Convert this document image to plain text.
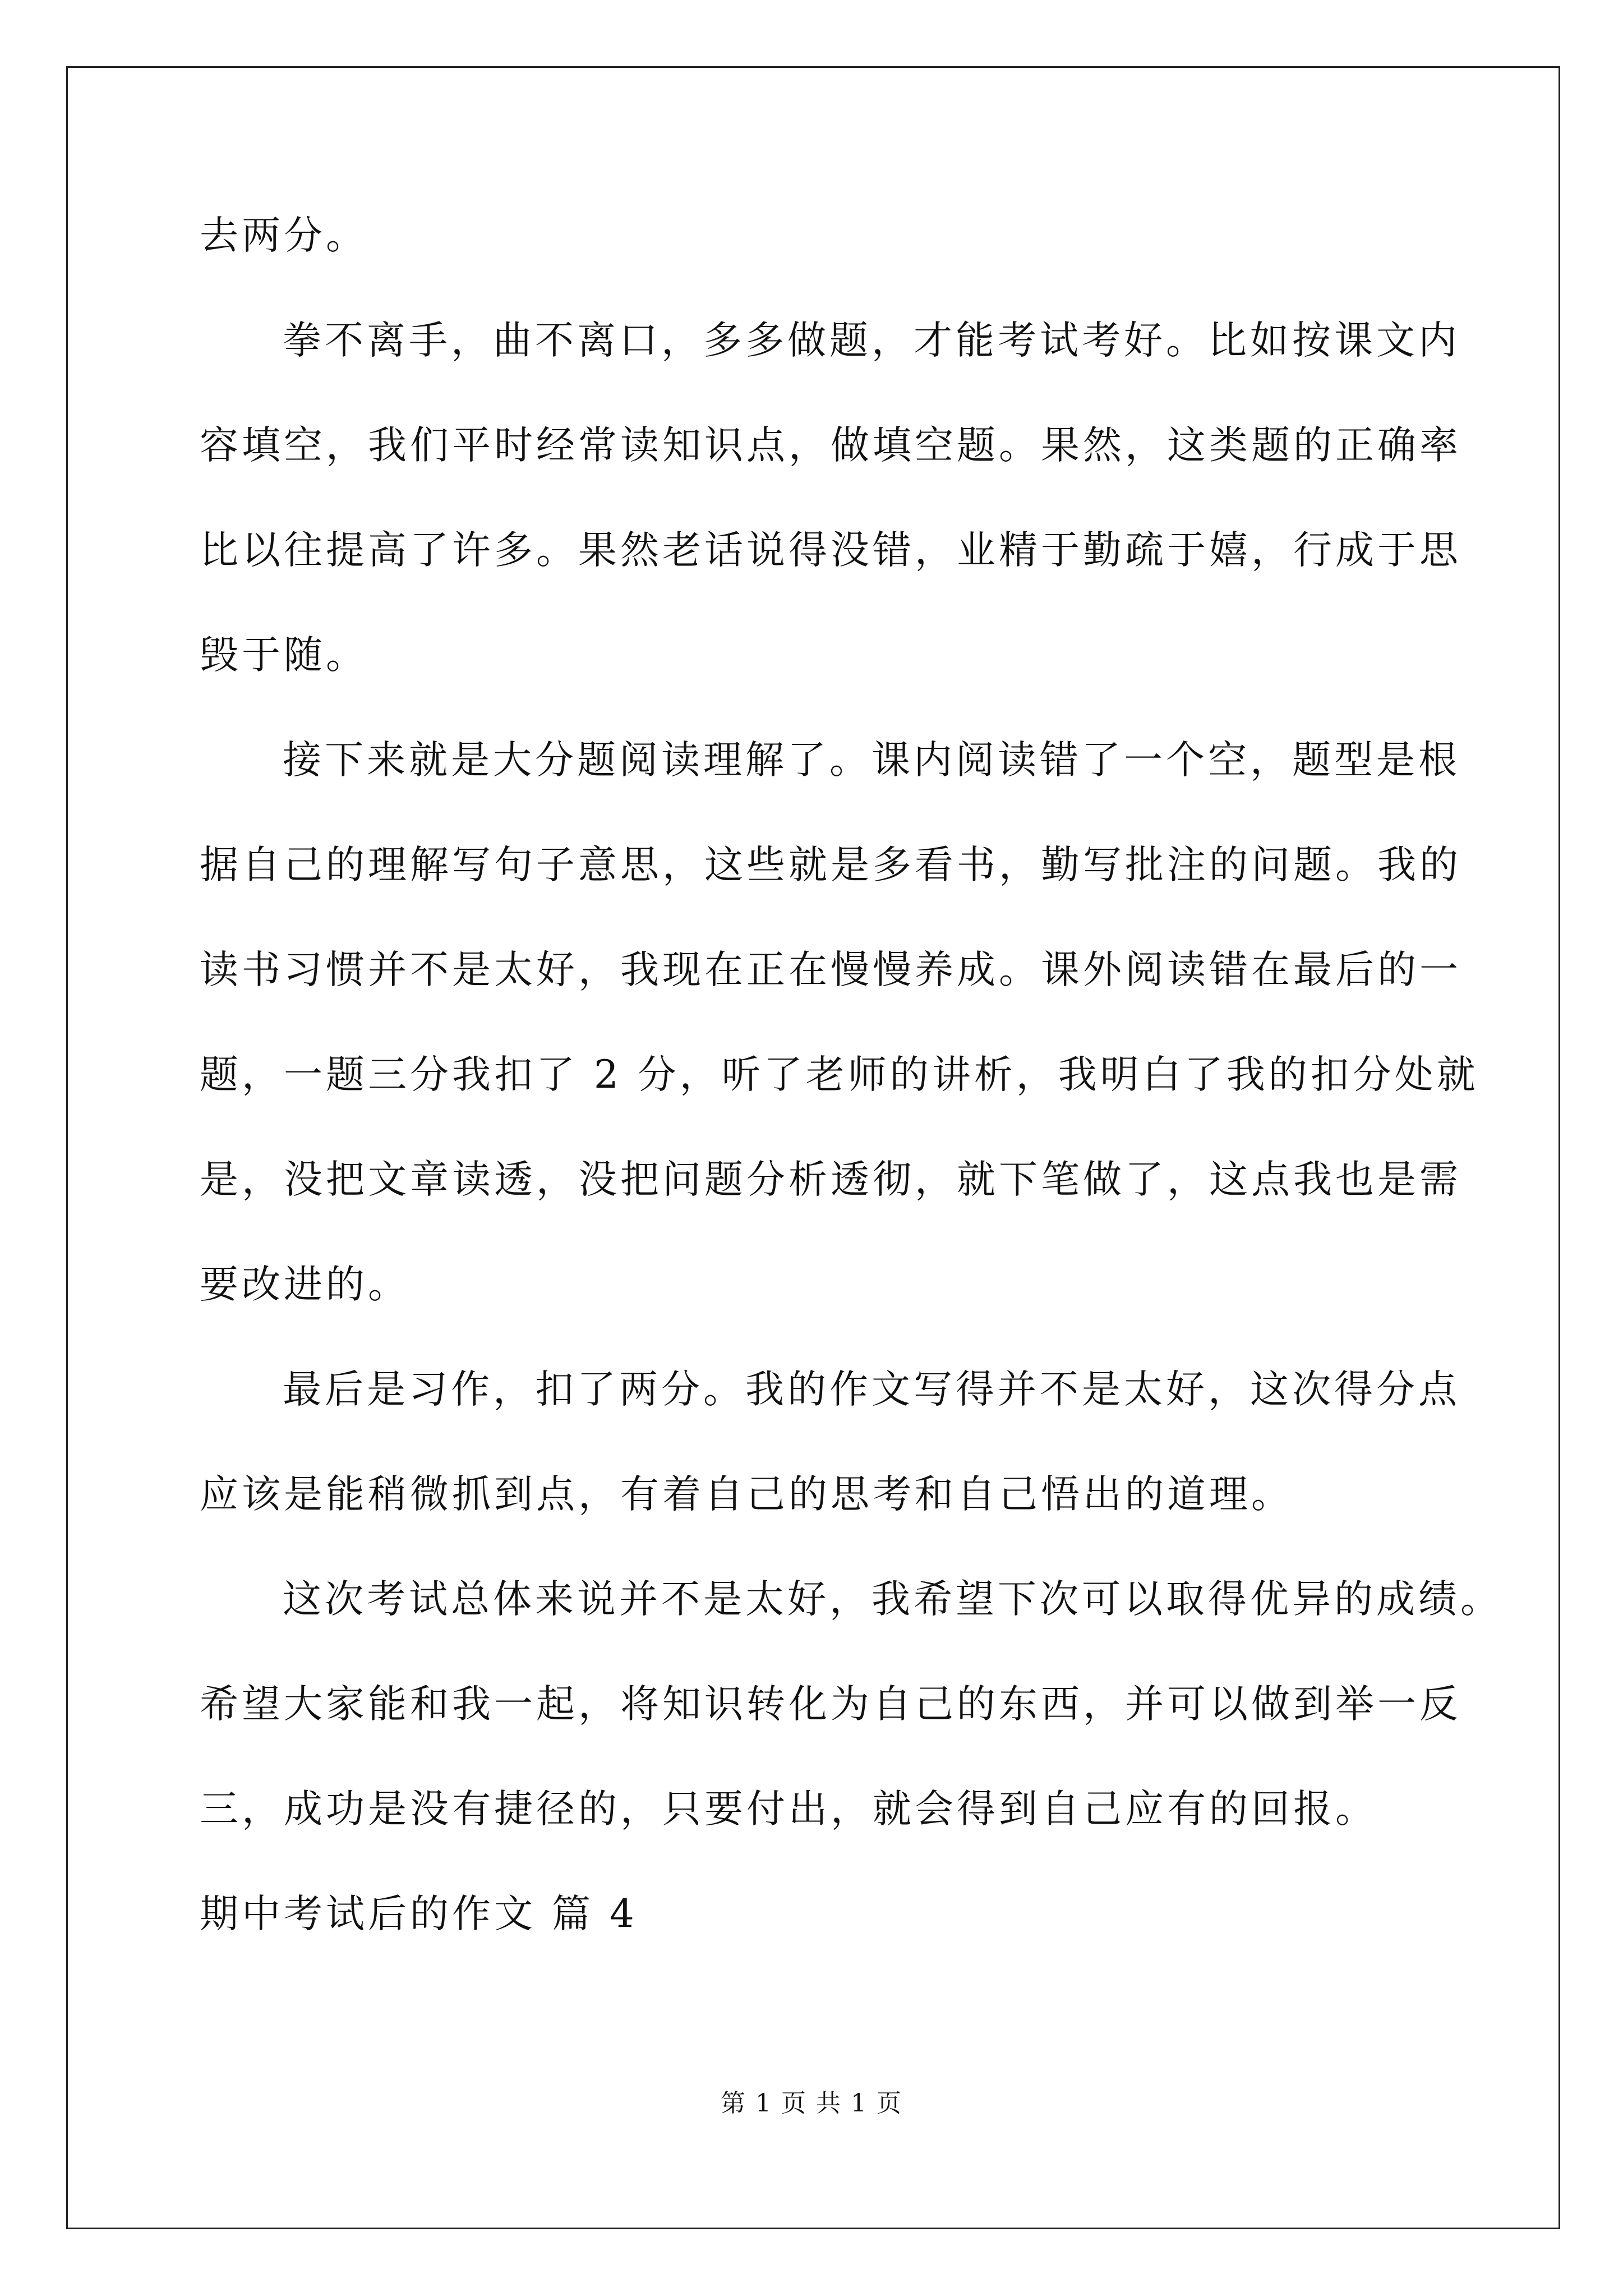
去两分。
拳不离手，曲不离口，多多做题，才能考试考好。比如按课文内
容填空，我们平时经常读知识点，做填空题。果然，这类题的正确率
比以往提高了许多。果然老话说得没错，业精于勤疏于嬉，行成于思
毁于随。
接下来就是大分题阅读理解了。课内阅读错了一个空，题型是根
据自己的理解写句子意思，这些就是多看书，勤写批注的问题。我的
读书习惯并不是太好，我现在正在慢慢养成。课外阅读错在最后的一
题，一题三分我扣了 2 分，听了老师的讲析，我明白了我的扣分处就
是，没把文章读透，没把问题分析透彻，就下笔做了，这点我也是需
要改进的。
最后是习作，扣了两分。我的作文写得并不是太好，这次得分点
应该是能稍微抓到点，有着自己的思考和自己悟出的道理。
这次考试总体来说并不是太好，我希望下次可以取得优异的成绩。
希望大家能和我一起，将知识转化为自己的东西，并可以做到举一反
三，成功是没有捷径的，只要付出，就会得到自己应有的回报。
期中考试后的作文 篇 4
第 1 页 共 1 页
